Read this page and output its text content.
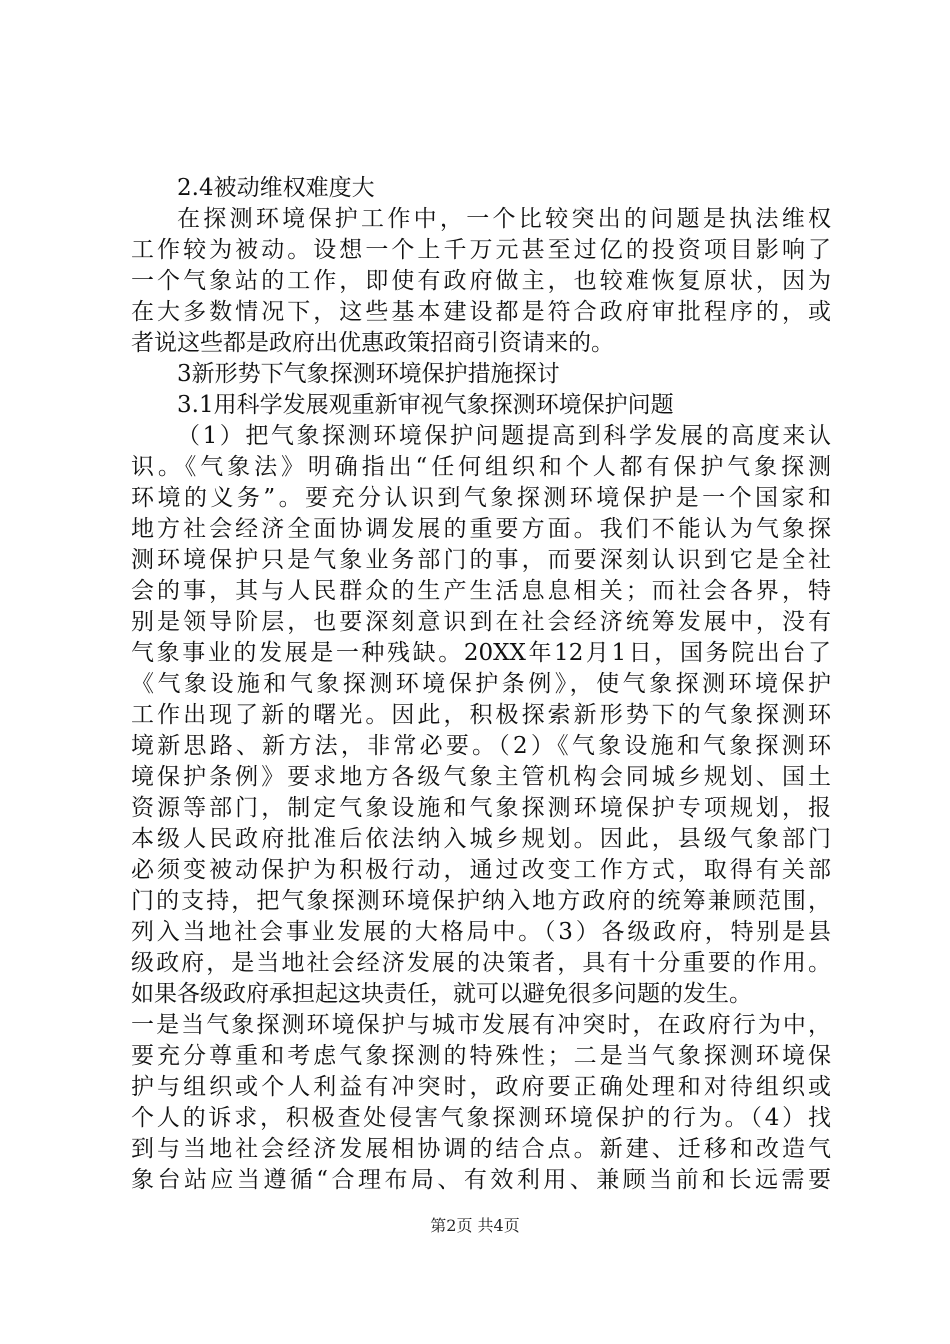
2.4被动维权难度大
在探测环境保护工作中，一个比较突出的问题是执法维权
工作较为被动。设想一个上千万元甚至过亿的投资项目影响了
一个气象站的工作，即使有政府做主，也较难恢复原状，因为
在大多数情况下，这些基本建设都是符合政府审批程序的，或
者说这些都是政府出优惠政策招商引资请来的。
3新形势下气象探测环境保护措施探讨
3.1用科学发展观重新审视气象探测环境保护问题
（1）把气象探测环境保护问题提高到科学发展的高度来认
识。《气象法》明确指出“任何组织和个人都有保护气象探测
环境的义务”。要充分认识到气象探测环境保护是一个国家和
地方社会经济全面协调发展的重要方面。我们不能认为气象探
测环境保护只是气象业务部门的事，而要深刻认识到它是全社
会的事，其与人民群众的生产生活息息相关；而社会各界，特
别是领导阶层，也要深刻意识到在社会经济统筹发展中，没有
气象事业的发展是一种残缺。20XX年12月1日，国务院出台了
《气象设施和气象探测环境保护条例》，使气象探测环境保护
工作出现了新的曙光。因此，积极探索新形势下的气象探测环
境新思路、新方法，非常必要。（2）《气象设施和气象探测环
境保护条例》要求地方各级气象主管机构会同城乡规划、国土
资源等部门，制定气象设施和气象探测环境保护专项规划，报
本级人民政府批准后依法纳入城乡规划。因此，县级气象部门
必须变被动保护为积极行动，通过改变工作方式，取得有关部
门的支持，把气象探测环境保护纳入地方政府的统筹兼顾范围，
列入当地社会事业发展的大格局中。（3）各级政府，特别是县
级政府，是当地社会经济发展的决策者，具有十分重要的作用。
如果各级政府承担起这块责任，就可以避免很多问题的发生。
一是当气象探测环境保护与城市发展有冲突时，在政府行为中，
要充分尊重和考虑气象探测的特殊性；二是当气象探测环境保
护与组织或个人利益有冲突时，政府要正确处理和对待组织或
个人的诉求，积极查处侵害气象探测环境保护的行为。（4）找
到与当地社会经济发展相协调的结合点。新建、迁移和改造气
象台站应当遵循“合理布局、有效利用、兼顾当前和长远需要
第2页 共4页
